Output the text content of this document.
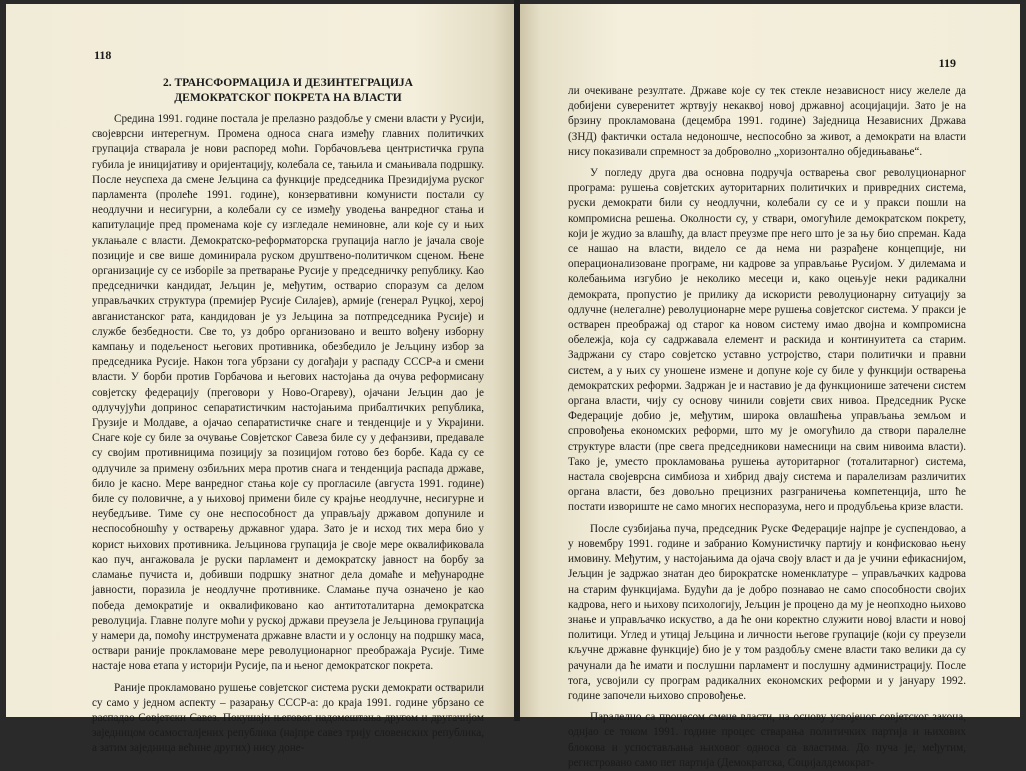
118
2. ТРАНСФОРМАЦИЈА И ДЕЗИНТЕГРАЦИЈА ДЕМОКРАТСКОГ ПОКРЕТА НА ВЛАСТИ

Средина 1991. године постала је прелазно раздобље у смени власти у Русији, својеврсни интерегнум. Промена односа снага између главних политичких групација стварала је нови распоред моћи. Горбачовљева центристичка група губила је иницијативу и оријентацију, колебала се, тањила и смањивала подршку. После неуспеха да смене Јељцина са функције председника Президијума руског парламента (пролеће 1991. године), конзервативни комунисти постали су неодлучни и несигурни, а колебали су се између уводења ванредног стања и капитулације пред променама које су изгледале неминовне, али које су и њих уклањале с власти. Демократско-реформаторска групација нагло је јачала своје позиције и све више доминирала руском друштвено-политичком сценом. Њене организације су се изборile за претварање Русије у председничку републику. Као председнички кандидат, Јељцин је, међутим, остварио споразум са делом управљачких структура (премијер Русије Силајев), армије (генерал Руцкој, херој авганистанског рата, кандидован је уз Јељцина за потпредседника Русије) и службе безбедности. Све то, уз добро организовано и вешто вођену изборну кампању и подељеност његових противника, обезбедило је Јељцину избор за председника Русије. Након тога убрзани су догађаји у распаду СССР-а и смени власти. У борби против Горбачова и његових настојања да очува реформисану совјетску федерацију (преговори у Ново-Огареву), ојачани Јељцин дао је одлучујући допринос сепаратистичким настојањима прибалтичких република, Грузије и Молдаве, а ојачао сепаратистичке снаге и тенденције и у Украјини. Снаге које су биле за очување Совјетског Савеза биле су у дефанзиви, предавале су својим противницима позицију за позицијом готово без борбе. Када су се одлучиле за примену озбиљних мера против снага и тенденција распада државе, било је касно. Мере ванредног стања које су прогласиле (августа 1991. године) биле су половичне, а у њиховој примени биле су крајње неодлучне, несигурне и неубедљиве. Тиме су оне неспособност да управљају државом допуниле и неспособношћу у остварењу државног удара. Зато је и исход тих мера био у корист њихових противника. Јељцинова групација је своје мере оквалификовала као пуч, ангажовала је руски парламент и демократску јавност на борбу за сламање пучиста и, добивши подршку знатног дела домаће и међународне јавности, поразила је неодлучне противнике. Сламање пуча означено је као победа демократије и оквалификовано као антитоталитарна демократска револуција. Главне полуге моћи у руској држави преузела је Јељцинова групација у намери да, помоћу инструмената државне власти и у ослонцу на подршку маса, оствари раније прокламоване мере револуционарног преображаја Русије. Тиме настаје нова етапа у историји Русије, па и њеног демократског покрета.

Раније прокламовано рушење совјетског система руски демократи остварили су само у једном аспекту – разарању СССР-а: до краја 1991. године убрзано се распадао Совјетски Савез. Покушаји његовог надомештања другом и другачијом заједницом осамосталjених република (најпре савез трију словенских република, а затим заједница већине других) нису доне-

119

ли очекиване резултате. Државе које су тек стекле независност нису желеле да добијени суверенитет жртвују некаквој новој државној асоцијацији. Зато је на брзину прокламована (децембра 1991. године) Заједница Независних Држава (ЗНД) фактички остала недоношче, неспособно за живот, а демократи на власти нису показивали спремност за доброволно „хоризонтално обједињавање“.

У погледу друга два основна подручја остварења свог револуционарног програма: рушења совјетских ауторитарних политичких и привредних система, руски демократи били су неодлучни, колебали су се и у пракси пошли на компромисна решења. Околности су, у ствари, омогућиле демократском покрету, који је жудио за влашћу, да власт преузме пре него што је за њу био спреман. Када се нашао на власти, видело се да нема ни разрађене концепције, ни операционализоване програме, ни кадрове за управљање Русијом. У дилемама и колебањима изгубио је неколико месеци и, како оцењује неки радикални демократа, пропустио је прилику да искористи револуционарну ситуацију за одлучне (нелегалне) револуционарне мере рушења совјетског система. У пракси је остварен преображај од старог ка новом систему имао двојна и компромисна обележја, која су садржавала елемент и раскида и континуитета са старим. Задржани су старо совјетско уставно устројство, стари политички и правни систем, а у њих су уношене измене и допуне које су биле у функцији остварења демократских реформи. Задржан је и наставио је да функционише затечени систем органа власти, чију су основу чинили совјети свих нивоа. Председник Руске Федерације добио је, међутим, широка овлашћења управљања земљом и спровођења економских реформи, што му је омогућило да створи паралелне структуре власти (пре свега председникови намесници на свим нивоима власти). Тако је, уместо прокламовања рушења ауторитарног (тоталитарног) система, настала својеврсна симбиоза и хибрид двају система и паралелизам различитих органа власти, без довољно прецизних разграничења компетенција, што ће постати извориште не само многих неспоразума, него и продубљења кризе власти.

После сузбијања пуча, председник Руске Федерације најпре је суспендовао, а у новембру 1991. године и забранио Комунистичку партију и конфисковао њену имовину. Међутим, у настојањима да ојача своју власт и да је учини ефикаснијом, Јељцин је задржао знатан део бирократске номенклатуре – управљачких кадрова на старим функцијама. Будући да је добро познавао не само способности својих кадрова, него и њихову психологију, Јељцин је процено да му је неопходно њихово знање и управљачко искуство, а да ће они коректно служити новој власти и новој политици. Углед и утицај Јељцина и личности његове групације (који су преузели кључне државне функције) био је у том раздобљу смене власти тако велики да су рачунали да ће имати и послушни парламент и послушну администрацију. После тога, усвојили су програм радикалних економских реформи и у јануару 1992. године започели њихово спровођење.

Паралелно са процесом смене власти, на основу усвојеног совјетског закона, однјао се током 1991. године процес стварања политичких партија и њихових блокова и успостављања њиховог односа са властима. До пуча је, међутим, регистровано само пет партија (Демократска, Социјалдемократ-
